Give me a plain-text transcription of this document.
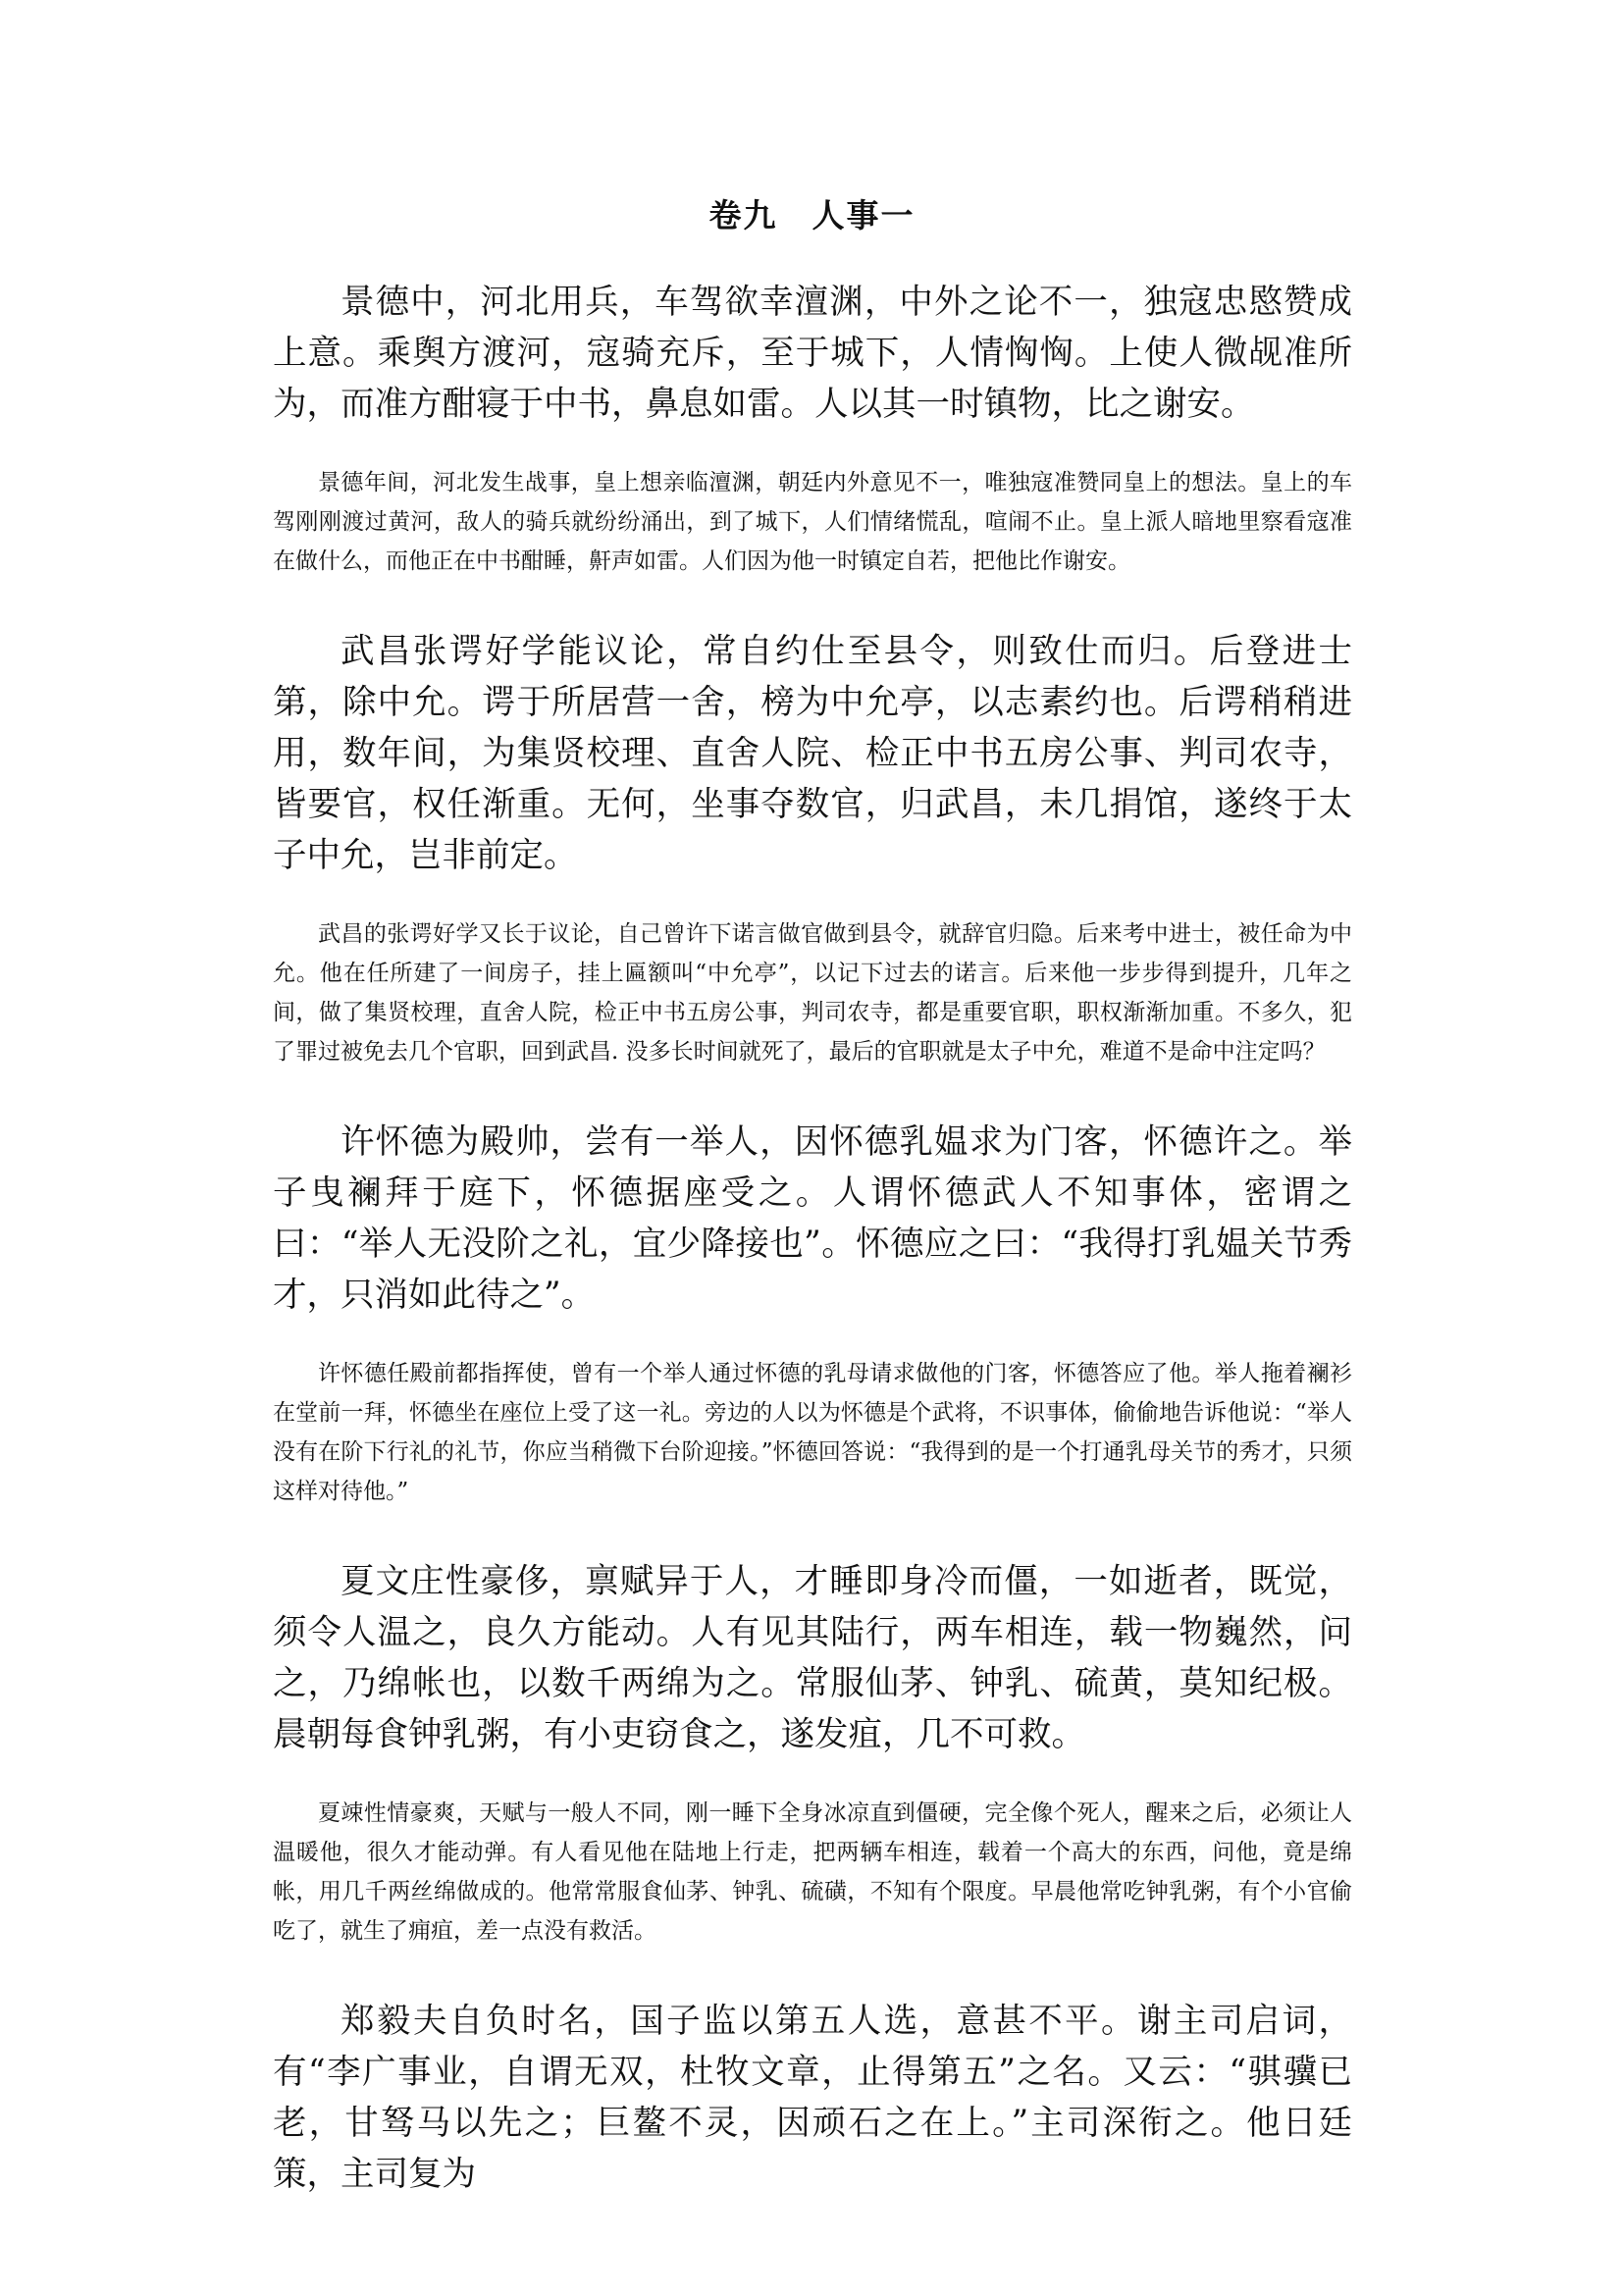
卷九　人事一

景德中，河北用兵，车驾欲幸澶渊，中外之论不一，独寇忠愍赞成上意。乘舆方渡河，寇骑充斥，至于城下，人情恟恟。上使人微觇准所为，而准方酣寝于中书，鼻息如雷。人以其一时镇物，比之谢安。

景德年间，河北发生战事，皇上想亲临澶渊，朝廷内外意见不一，唯独寇准赞同皇上的想法。皇上的车驾刚刚渡过黄河，敌人的骑兵就纷纷涌出，到了城下，人们情绪慌乱，喧闹不止。皇上派人暗地里察看寇准在做什么，而他正在中书酣睡，鼾声如雷。人们因为他一时镇定自若，把他比作谢安。

武昌张谔好学能议论，常自约仕至县令，则致仕而归。后登进士第，除中允。谔于所居营一舍，榜为中允亭，以志素约也。后谔稍稍进用，数年间，为集贤校理、直舍人院、检正中书五房公事、判司农寺，皆要官，权任渐重。无何，坐事夺数官，归武昌，未几捐馆，遂终于太子中允，岂非前定。

武昌的张谔好学又长于议论，自己曾许下诺言做官做到县令，就辞官归隐。后来考中进士，被任命为中允。他在任所建了一间房子，挂上匾额叫“中允亭”，以记下过去的诺言。后来他一步步得到提升，几年之间，做了集贤校理，直舍人院，检正中书五房公事，判司农寺，都是重要官职，职权渐渐加重。不多久，犯了罪过被免去几个官职，回到武昌. 没多长时间就死了，最后的官职就是太子中允，难道不是命中注定吗？

许怀德为殿帅，尝有一举人，因怀德乳媪求为门客，怀德许之。举子曳襕拜于庭下，怀德据座受之。人谓怀德武人不知事体，密谓之曰：“举人无没阶之礼，宜少降接也”。怀德应之曰：“我得打乳媪关节秀才，只消如此待之”。

许怀德任殿前都指挥使，曾有一个举人通过怀德的乳母请求做他的门客，怀德答应了他。举人拖着襕衫在堂前一拜，怀德坐在座位上受了这一礼。旁边的人以为怀德是个武将，不识事体，偷偷地告诉他说：“举人没有在阶下行礼的礼节，你应当稍微下台阶迎接。”怀德回答说：“我得到的是一个打通乳母关节的秀才，只须这样对待他。”

夏文庄性豪侈，禀赋异于人，才睡即身冷而僵，一如逝者，既觉，须令人温之，良久方能动。人有见其陆行，两车相连，载一物巍然，问之，乃绵帐也，以数千两绵为之。常服仙茅、钟乳、硫黄，莫知纪极。晨朝每食钟乳粥，有小吏窃食之，遂发疽，几不可救。

夏竦性情豪爽，天赋与一般人不同，刚一睡下全身冰凉直到僵硬，完全像个死人，醒来之后，必须让人温暖他，很久才能动弹。有人看见他在陆地上行走，把两辆车相连，载着一个高大的东西，问他，竟是绵帐，用几千两丝绵做成的。他常常服食仙茅、钟乳、硫磺，不知有个限度。早晨他常吃钟乳粥，有个小官偷吃了，就生了痈疽，差一点没有救活。

郑毅夫自负时名，国子监以第五人选，意甚不平。谢主司启词，有“李广事业，自谓无双，杜牧文章，止得第五”之名。又云：“骐骥已老，甘驽马以先之；巨鳌不灵，因顽石之在上。”主司深衔之。他日廷策，主司复为
